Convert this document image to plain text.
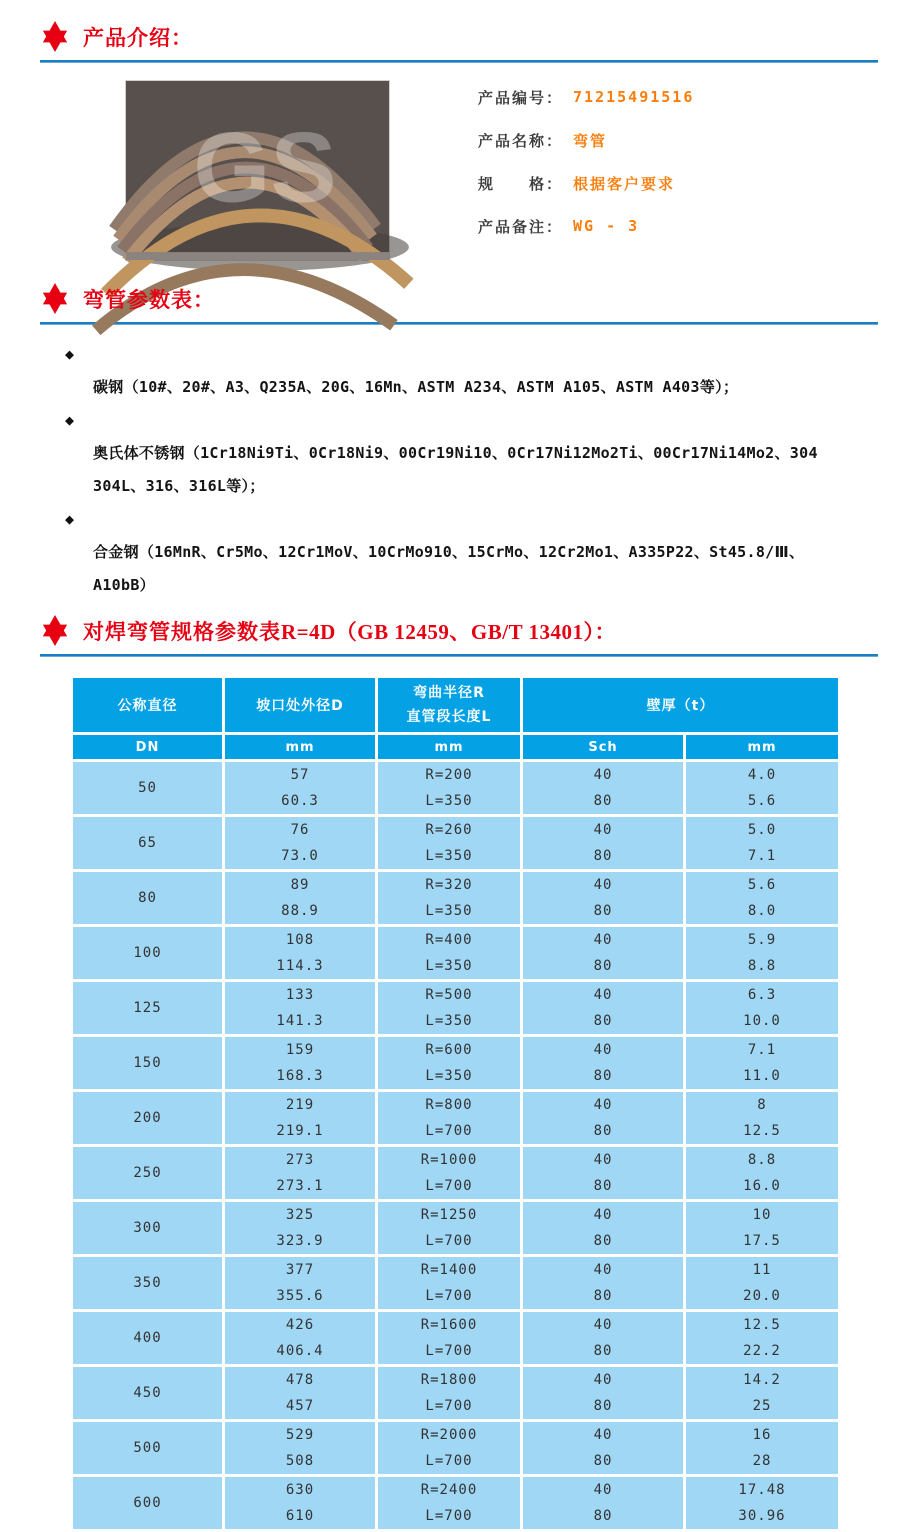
产品介绍：
GS
产品编号： 71215491516
产品名称： 弯管
规　　格： 根据客户要求
产品备注： WG - 3
弯管参数表：

◆
碳钢（10#、20#、A3、Q235A、20G、16Mn、ASTM A234、ASTM A105、ASTM A403等）；

◆
奥氏体不锈钢（1Cr18Ni9Ti、0Cr18Ni9、00Cr19Ni10、0Cr17Ni12Mo2Ti、00Cr17Ni14Mo2、304
304L、316、316L等）；

◆
合金钢（16MnR、Cr5Mo、12Cr1MoV、10CrMo910、15CrMo、12Cr2Mo1、A335P22、St45.8/Ⅲ、
A10bB）

对焊弯管规格参数表R=4D（GB 12459、GB/T 13401）：
公称直径	坡口处外径D	弯曲半径R
直管段长度L	壁厚（t）	
DN	mm	mm	Sch	mm

50

57
60.3

R=200
L=350

40
80

4.0
5.6

65

76
73.0

R=260
L=350

40
80

5.0
7.1

80

89
88.9

R=320
L=350

40
80

5.6
8.0

100

108
114.3

R=400
L=350

40
80

5.9
8.8

125

133
141.3

R=500
L=350

40
80

6.3
10.0

150

159
168.3

R=600
L=350

40
80

7.1
11.0

200

219
219.1

R=800
L=700

40
80

8
12.5

250

273
273.1

R=1000
L=700

40
80

8.8
16.0

300

325
323.9

R=1250
L=700

40
80

10
17.5

350

377
355.6

R=1400
L=700

40
80

11
20.0

400

426
406.4

R=1600
L=700

40
80

12.5
22.2

450

478
457

R=1800
L=700

40
80

14.2
25

500

529
508

R=2000
L=700

40
80

16
28

600

630
610

R=2400
L=700

40
80

17.48
30.96
